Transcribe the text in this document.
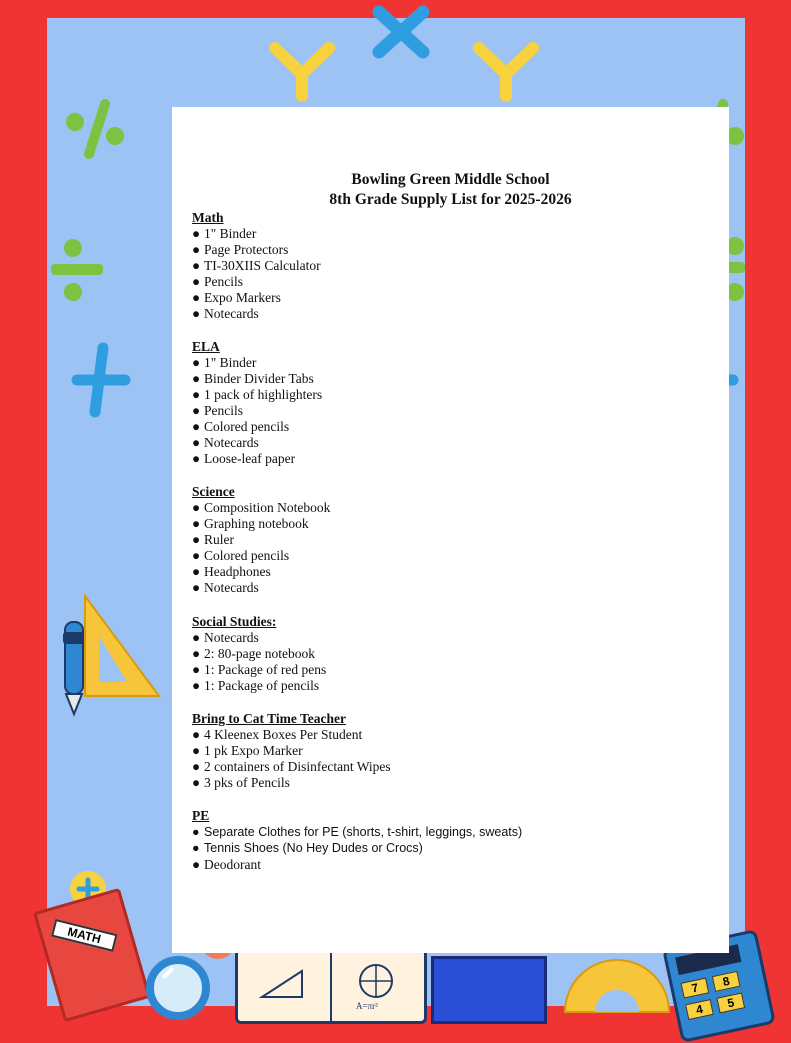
MATH
A=πr²
7	8
4	5
Bowling Green Middle School
8th Grade Supply List for 2025-2026
Math
● 1" Binder
● Page Protectors
● TI-30XIIS Calculator
● Pencils
● Expo Markers
● Notecards
ELA
● 1" Binder
● Binder Divider Tabs
● 1 pack of highlighters
● Pencils
● Colored pencils
● Notecards
● Loose-leaf paper
Science
● Composition Notebook
● Graphing notebook
● Ruler
● Colored pencils
● Headphones
● Notecards
Social Studies:
● Notecards
● 2: 80-page notebook
● 1: Package of red pens
● 1: Package of pencils
Bring to Cat Time Teacher
● 4 Kleenex Boxes Per Student
● 1 pk Expo Marker
● 2 containers of Disinfectant Wipes
● 3 pks of Pencils
PE
● Separate Clothes for PE (shorts, t-shirt, leggings, sweats)
● Tennis Shoes (No Hey Dudes or Crocs)
● Deodorant
